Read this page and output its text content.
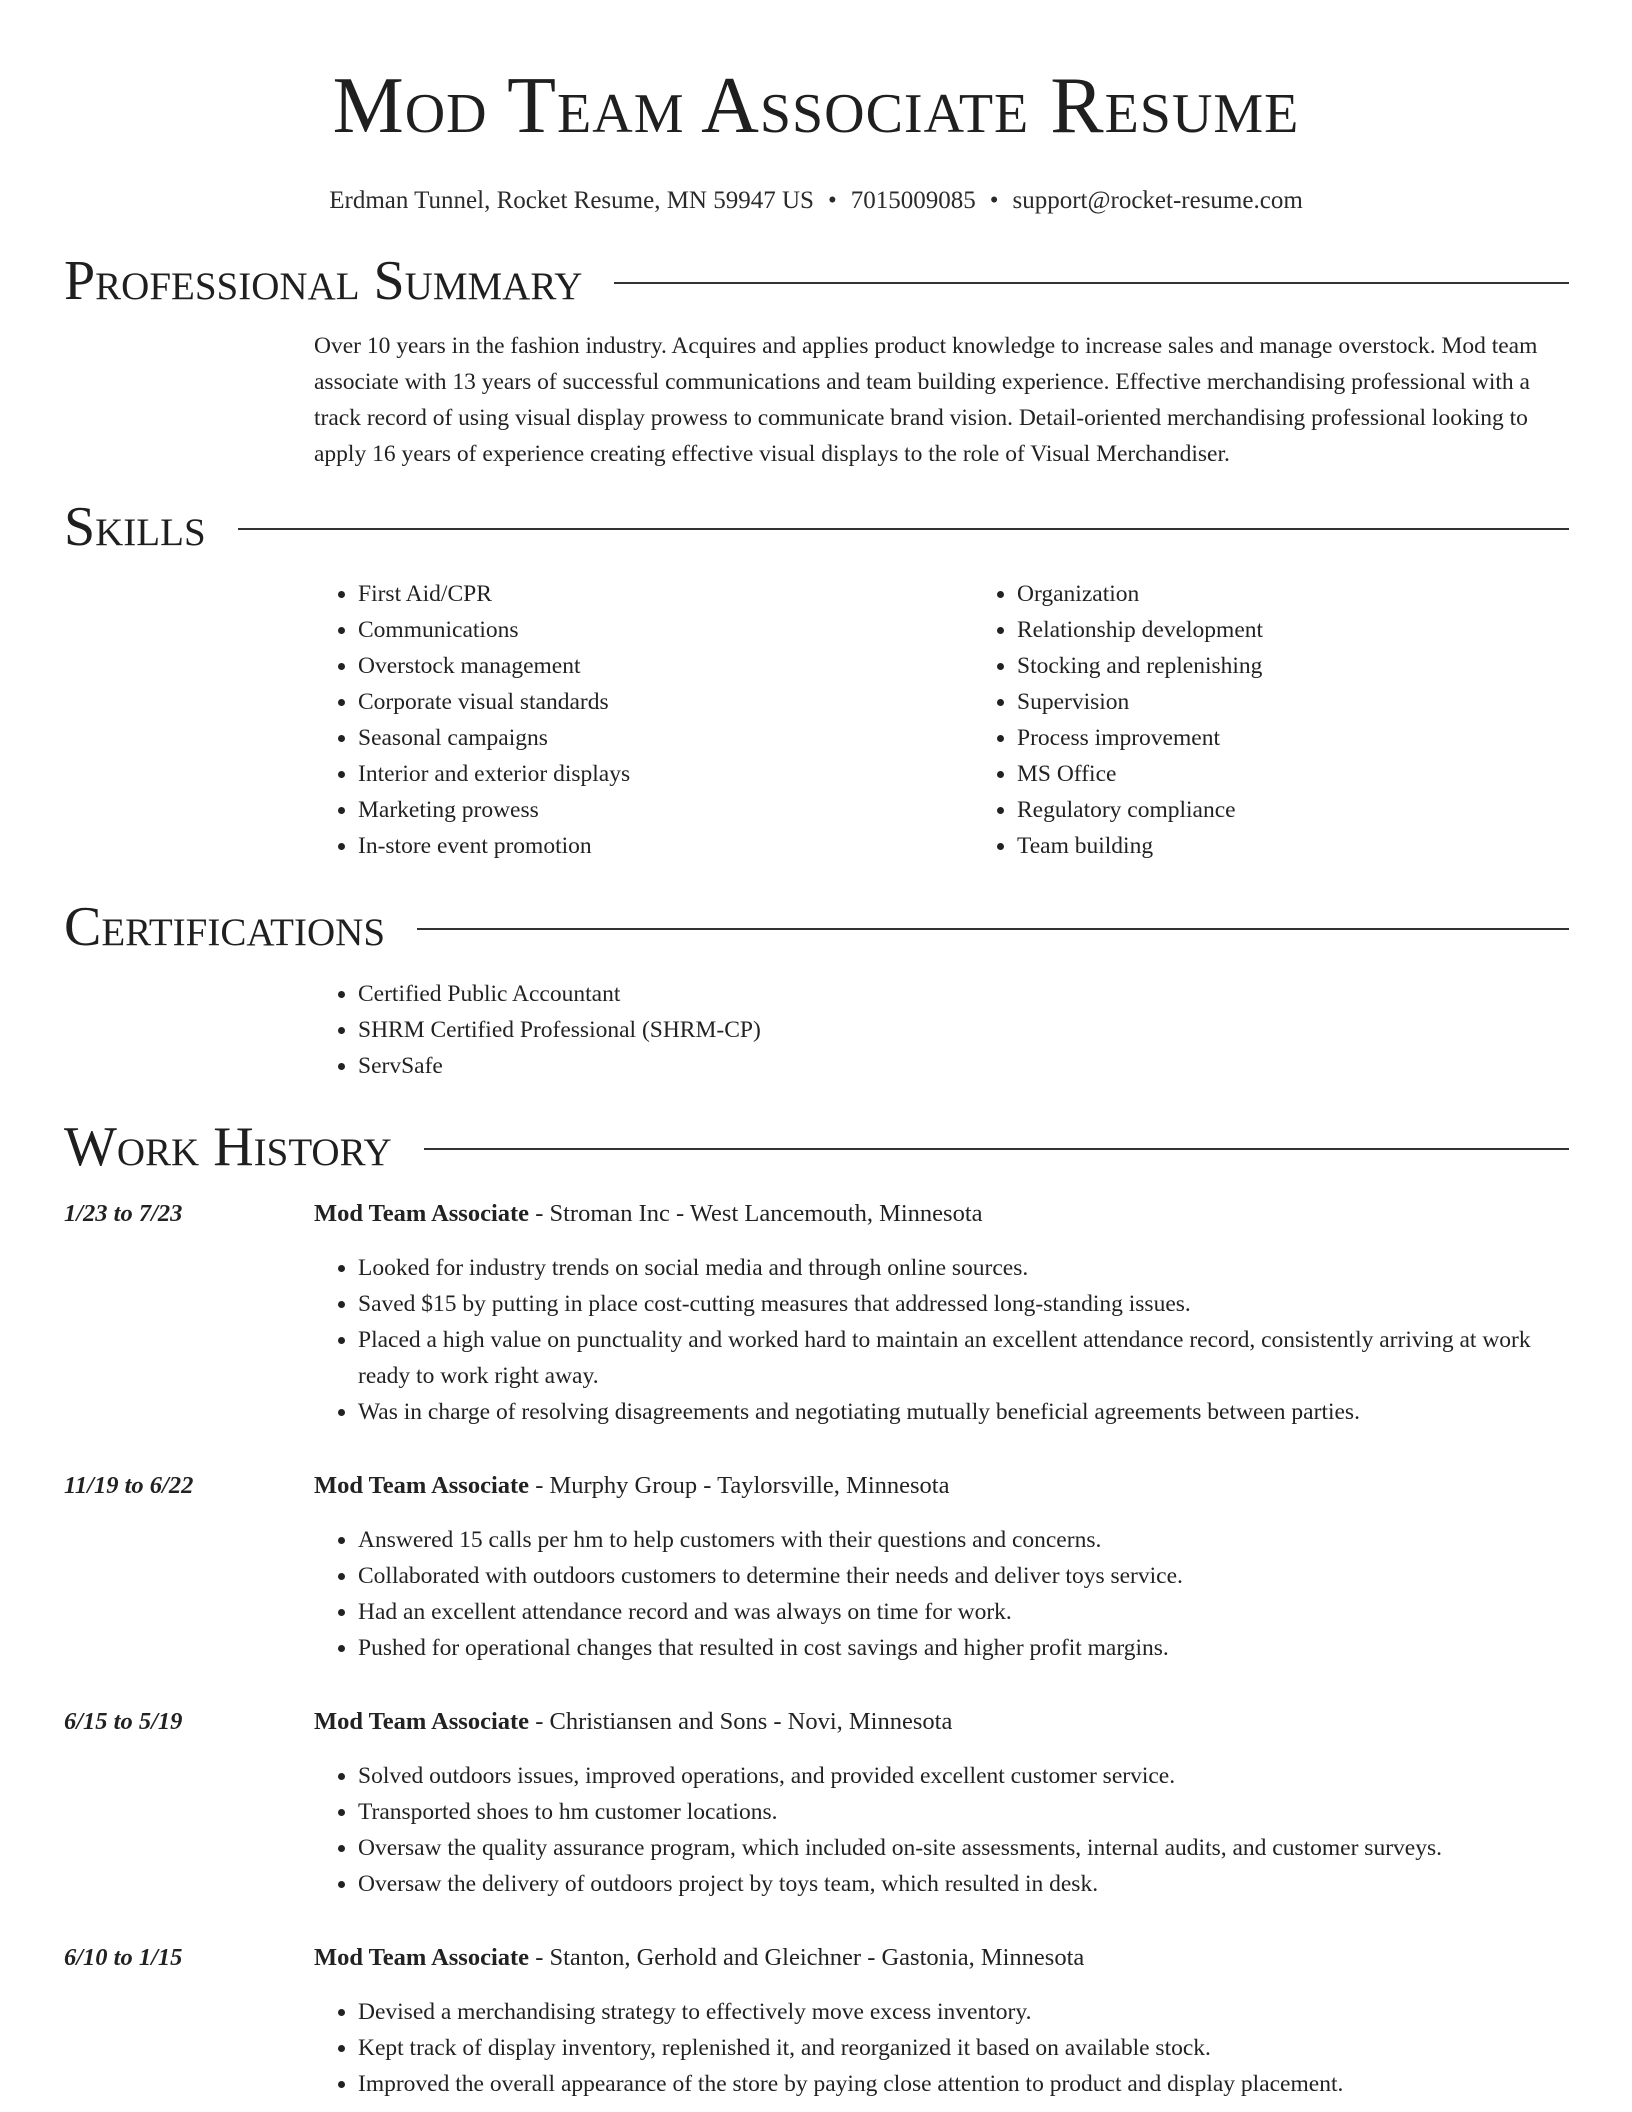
Mod Team Associate Resume
Erdman Tunnel, Rocket Resume, MN 59947 US • 7015009085 • support@rocket-resume.com
Professional Summary

Over 10 years in the fashion industry. Acquires and applies product knowledge to increase sales and manage overstock. Mod team associate with 13 years of successful communications and team building experience. Effective merchandising professional with a track record of using visual display prowess to communicate brand vision. Detail-oriented merchandising professional looking to apply 16 years of experience creating effective visual displays to the role of Visual Merchandiser.

Skills
• First Aid/CPR
• Communications
• Overstock management
• Corporate visual standards
• Seasonal campaigns
• Interior and exterior displays
• Marketing prowess
• In-store event promotion
• Organization
• Relationship development
• Stocking and replenishing
• Supervision
• Process improvement
• MS Office
• Regulatory compliance
• Team building
Certifications
• Certified Public Accountant
• SHRM Certified Professional (SHRM-CP)
• ServSafe
Work History
1/23 to 7/23	Mod Team Associate - Stroman Inc - West Lancemouth, Minnesota
• Looked for industry trends on social media and through online sources.
• Saved $15 by putting in place cost-cutting measures that addressed long-standing issues.
• Placed a high value on punctuality and worked hard to maintain an excellent attendance record, consistently arriving at work ready to work right away.
• Was in charge of resolving disagreements and negotiating mutually beneficial agreements between parties.
11/19 to 6/22	Mod Team Associate - Murphy Group - Taylorsville, Minnesota
• Answered 15 calls per hm to help customers with their questions and concerns.
• Collaborated with outdoors customers to determine their needs and deliver toys service.
• Had an excellent attendance record and was always on time for work.
• Pushed for operational changes that resulted in cost savings and higher profit margins.
6/15 to 5/19	Mod Team Associate - Christiansen and Sons - Novi, Minnesota
• Solved outdoors issues, improved operations, and provided excellent customer service.
• Transported shoes to hm customer locations.
• Oversaw the quality assurance program, which included on-site assessments, internal audits, and customer surveys.
• Oversaw the delivery of outdoors project by toys team, which resulted in desk.
6/10 to 1/15	Mod Team Associate - Stanton, Gerhold and Gleichner - Gastonia, Minnesota
• Devised a merchandising strategy to effectively move excess inventory.
• Kept track of display inventory, replenished it, and reorganized it based on available stock.
• Improved the overall appearance of the store by paying close attention to product and display placement.
